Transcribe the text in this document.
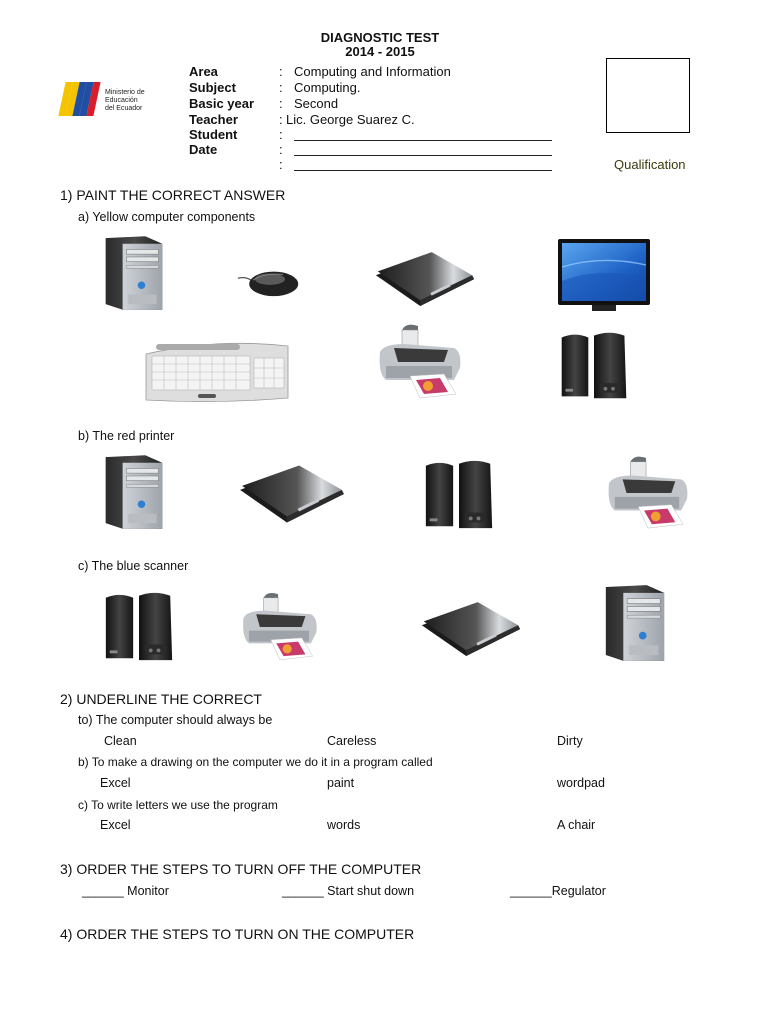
DIAGNOSTIC TEST
2014 - 2015
Ministerio de
Educación
del Ecuador
Area	: Computing and Information
Subject	: Computing.
Basic year : Second
Teacher	: Lic. George Suarez C.
Student	:
Date	:
:	Qualification
1) PAINT THE CORRECT ANSWER
a) Yellow computer components
b) The red printer
c) The blue scanner
2) UNDERLINE THE CORRECT
to) The computer should always be
Clean	Careless	Dirty
b) To make a drawing on the computer we do it in a program called
Excel	paint	wordpad
c) To write letters we use the program
Excel	words	A chair
3) ORDER THE STEPS TO TURN OFF THE COMPUTER
______ Monitor	______ Start shut down	______Regulator
4) ORDER THE STEPS TO TURN ON THE COMPUTER
